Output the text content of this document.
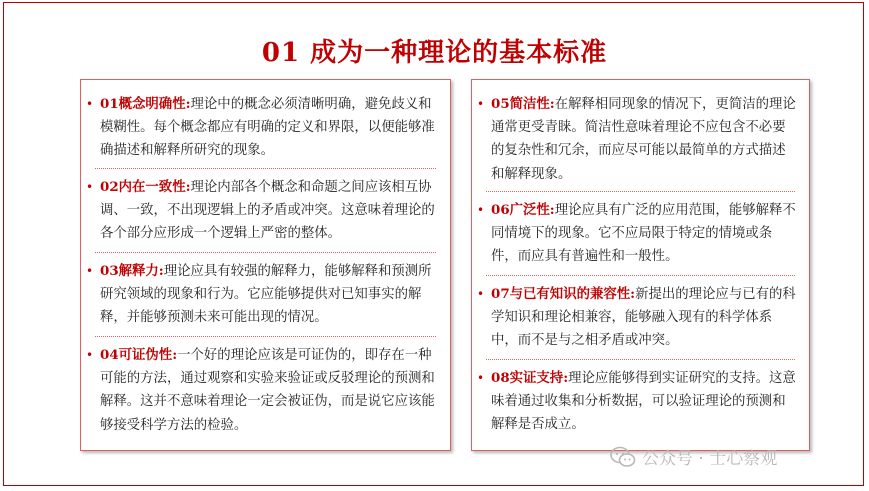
01 成为一种理论的基本标准
• 01概念明确性:理论中的概念必须清晰明确，避免歧义和模糊性。每个概念都应有明确的定义和界限，以便能够准确描述和解释所研究的现象。
• 02内在一致性:理论内部各个概念和命题之间应该相互协调、一致，不出现逻辑上的矛盾或冲突。这意味着理论的各个部分应形成一个逻辑上严密的整体。
• 03解释力:理论应具有较强的解释力，能够解释和预测所研究领域的现象和行为。它应能够提供对已知事实的解释，并能够预测未来可能出现的情况。
• 04可证伪性:一个好的理论应该是可证伪的，即存在一种可能的方法，通过观察和实验来验证或反驳理论的预测和解释。这并不意味着理论一定会被证伪，而是说它应该能够接受科学方法的检验。
• 05简洁性:在解释相同现象的情况下，更简洁的理论通常更受青睐。简洁性意味着理论不应包含不必要的复杂性和冗余，而应尽可能以最简单的方式描述和解释现象。
• 06广泛性:理论应具有广泛的应用范围，能够解释不同情境下的现象。它不应局限于特定的情境或条件，而应具有普遍性和一般性。
• 07与已有知识的兼容性:新提出的理论应与已有的科学知识和理论相兼容，能够融入现有的科学体系中，而不是与之相矛盾或冲突。
• 08实证支持:理论应能够得到实证研究的支持。这意味着通过收集和分析数据，可以验证理论的预测和解释是否成立。
公众号 · 士心察观
